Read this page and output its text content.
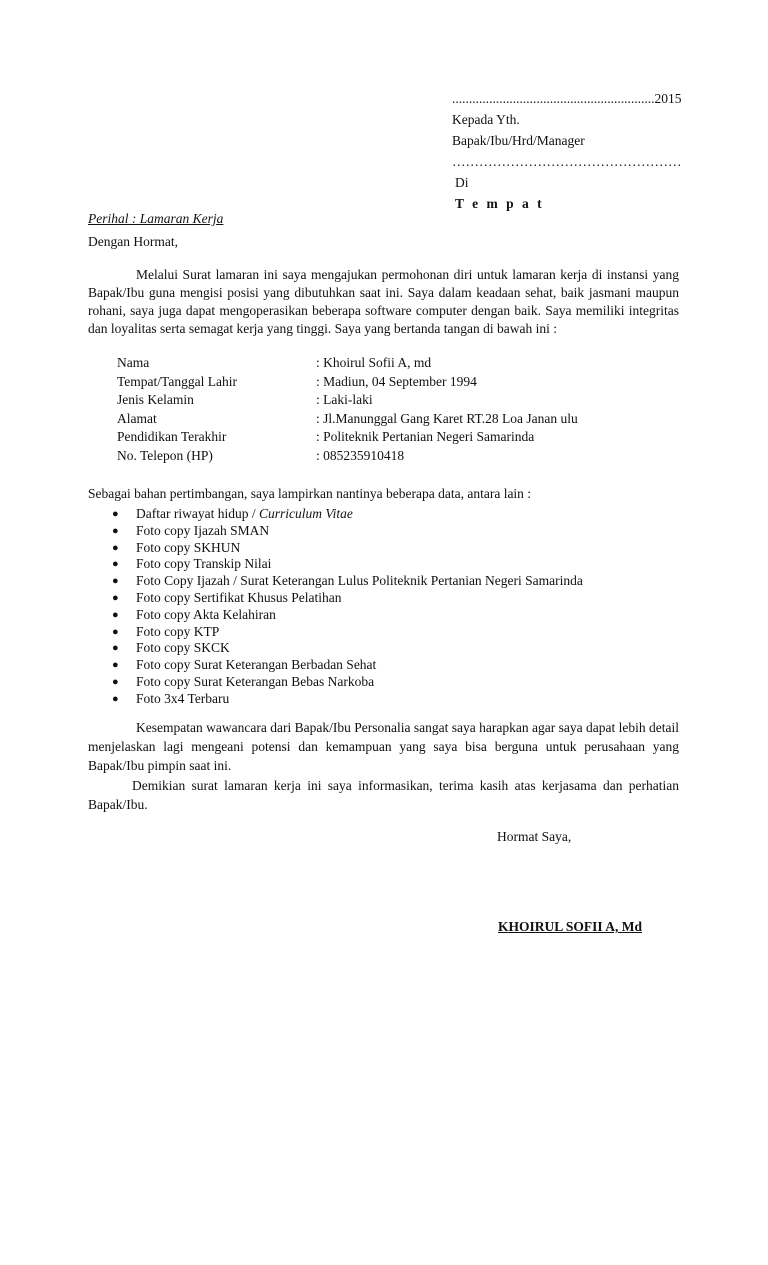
............................................................2015
Kepada Yth.
Bapak/Ibu/Hrd/Manager
……………………………………………
Di
T e m p a t
Perihal : Lamaran Kerja
Dengan Hormat,
Melalui Surat lamaran ini saya mengajukan permohonan diri untuk lamaran kerja di instansi yang Bapak/Ibu guna mengisi posisi yang dibutuhkan saat ini. Saya dalam keadaan sehat, baik jasmani maupun rohani, saya juga dapat mengoperasikan beberapa software computer dengan baik. Saya memiliki integritas dan loyalitas serta semagat kerja yang tinggi. Saya yang bertanda tangan di bawah ini :
Nama	: Khoirul Sofii A, md
Tempat/Tanggal Lahir	: Madiun, 04 September 1994
Jenis Kelamin	: Laki-laki
Alamat	: Jl.Manunggal Gang Karet RT.28 Loa Janan ulu
Pendidikan Terakhir	: Politeknik Pertanian Negeri Samarinda
No. Telepon (HP)	: 085235910418
Sebagai bahan pertimbangan, saya lampirkan nantinya beberapa data, antara lain :
● Daftar riwayat hidup / Curriculum Vitae
● Foto copy Ijazah SMAN
● Foto copy SKHUN
● Foto copy Transkip Nilai
● Foto Copy Ijazah / Surat Keterangan Lulus Politeknik Pertanian Negeri Samarinda
● Foto copy Sertifikat Khusus Pelatihan
● Foto copy Akta Kelahiran
● Foto copy KTP
● Foto copy SKCK
● Foto copy Surat Keterangan Berbadan Sehat
● Foto copy Surat Keterangan Bebas Narkoba
● Foto 3x4 Terbaru
Kesempatan wawancara dari Bapak/Ibu Personalia sangat saya harapkan agar saya dapat lebih detail menjelaskan lagi mengeani potensi dan kemampuan yang saya bisa berguna untuk perusahaan yang Bapak/Ibu pimpin saat ini.
Demikian surat lamaran kerja ini saya informasikan, terima kasih atas kerjasama dan perhatian Bapak/Ibu.
Hormat Saya,
KHOIRUL SOFII A, Md
